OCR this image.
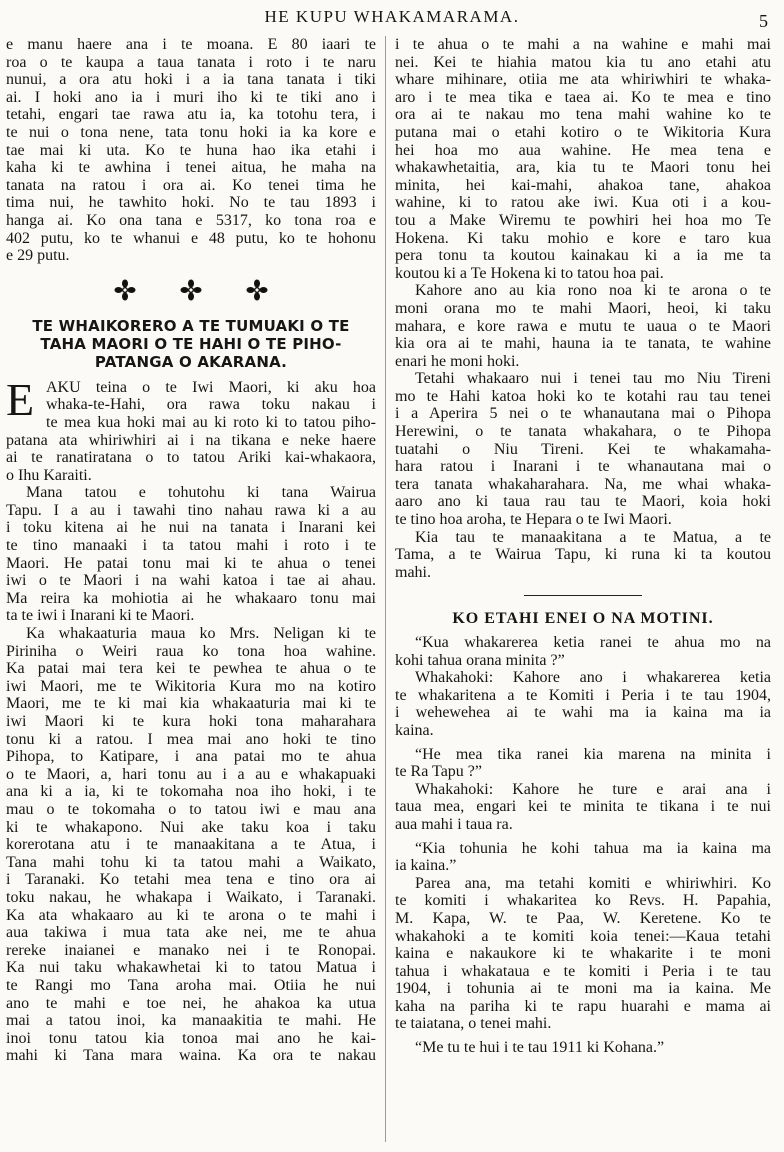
HE KUPU WHAKAMARAMA.	5
e manu haere ana i te moana. E 80 iaari te
roa o te kaupa a taua tanata i roto i te naru
nunui, a ora atu hoki i a ia tana tanata i tiki
ai. I hoki ano ia i muri iho ki te tiki ano i
tetahi, engari tae rawa atu ia, ka totohu tera, i
te nui o tona nene, tata tonu hoki ia ka kore e
tae mai ki uta. Ko te huna hao ika etahi i
kaha ki te awhina i tenei aitua, he maha na
tanata na ratou i ora ai. Ko tenei tima he
tima nui, he tawhito hoki. No te tau 1893 i
hanga ai. Ko ona tana e 5317, ko tona roa e
402 putu, ko te whanui e 48 putu, ko te hohonu
e 29 putu.
TE WHAIKORERO A TE TUMUAKI O TE
TAHA MAORI O TE HAHI O TE PIHO-
PATANGA O AKARANA.
E AKU teina o te Iwi Maori, ki aku hoa
whaka-te-Hahi, ora rawa toku nakau i
te mea kua hoki mai au ki roto ki to tatou piho-
patana ata whiriwhiri ai i na tikana e neke haere
ai te ranatiratana o to tatou Ariki kai-whakaora,
o Ihu Karaiti.
Mana tatou e tohutohu ki tana Wairua
Tapu. I a au i tawahi tino nahau rawa ki a au
i toku kitena ai he nui na tanata i Inarani kei
te tino manaaki i ta tatou mahi i roto i te
Maori. He patai tonu mai ki te ahua o tenei
iwi o te Maori i na wahi katoa i tae ai ahau.
Ma reira ka mohiotia ai he whakaaro tonu mai
ta te iwi i Inarani ki te Maori.
Ka whakaaturia maua ko Mrs. Neligan ki te
Piriniha o Weiri raua ko tona hoa wahine.
Ka patai mai tera kei te pewhea te ahua o te
iwi Maori, me te Wikitoria Kura mo na kotiro
Maori, me te ki mai kia whakaaturia mai ki te
iwi Maori ki te kura hoki tona maharahara
tonu ki a ratou. I mea mai ano hoki te tino
Pihopa, to Katipare, i ana patai mo te ahua
o te Maori, a, hari tonu au i a au e whakapuaki
ana ki a ia, ki te tokomaha noa iho hoki, i te
mau o te tokomaha o to tatou iwi e mau ana
ki te whakapono. Nui ake taku koa i taku
korerotana atu i te manaakitana a te Atua, i
Tana mahi tohu ki ta tatou mahi a Waikato,
i Taranaki. Ko tetahi mea tena e tino ora ai
toku nakau, he whakapa i Waikato, i Taranaki.
Ka ata whakaaro au ki te arona o te mahi i
aua takiwa i mua tata ake nei, me te ahua
rereke inaianei e manako nei i te Ronopai.
Ka nui taku whakawhetai ki to tatou Matua i
te Rangi mo Tana aroha mai. Otiia he nui
ano te mahi e toe nei, he ahakoa ka utua
mai a tatou inoi, ka manaakitia te mahi. He
inoi tonu tatou kia tonoa mai ano he kai-
mahi ki Tana mara waina. Ka ora te nakau
i te ahua o te mahi a na wahine e mahi mai
nei. Kei te hiahia matou kia tu ano etahi atu
whare mihinare, otiia me ata whiriwhiri te whaka-
aro i te mea tika e taea ai. Ko te mea e tino
ora ai te nakau mo tena mahi wahine ko te
putana mai o etahi kotiro o te Wikitoria Kura
hei hoa mo aua wahine. He mea tena e
whakawhetaitia, ara, kia tu te Maori tonu hei
minita, hei kai-mahi, ahakoa tane, ahakoa
wahine, ki to ratou ake iwi. Kua oti i a kou-
tou a Make Wiremu te powhiri hei hoa mo Te
Hokena. Ki taku mohio e kore e taro kua
pera tonu ta koutou kainakau ki a ia me ta
koutou ki a Te Hokena ki to tatou hoa pai.
Kahore ano au kia rono noa ki te arona o te
moni orana mo te mahi Maori, heoi, ki taku
mahara, e kore rawa e mutu te uaua o te Maori
kia ora ai te mahi, hauna ia te tanata, te wahine
enari he moni hoki.
Tetahi whakaaro nui i tenei tau mo Niu Tireni
mo te Hahi katoa hoki ko te kotahi rau tau tenei
i a Aperira 5 nei o te whanautana mai o Pihopa
Herewini, o te tanata whakahara, o te Pihopa
tuatahi o Niu Tireni. Kei te whakamaha-
hara ratou i Inarani i te whanautana mai o
tera tanata whakaharahara. Na, me whai whaka-
aaro ano ki taua rau tau te Maori, koia hoki
te tino hoa aroha, te Hepara o te Iwi Maori.
Kia tau te manaakitana a te Matua, a te
Tama, a te Wairua Tapu, ki runa ki ta koutou
mahi.
KO ETAHI ENEI O NA MOTINI.
“Kua whakarerea ketia ranei te ahua mo na
kohi tahua orana minita ?”
Whakahoki: Kahore ano i whakarerea ketia
te whakaritena a te Komiti i Peria i te tau 1904,
i wehewehea ai te wahi ma ia kaina ma ia
kaina.
“He mea tika ranei kia marena na minita i
te Ra Tapu ?”
Whakahoki: Kahore he ture e arai ana i
taua mea, engari kei te minita te tikana i te nui
aua mahi i taua ra.
“Kia tohunia he kohi tahua ma ia kaina ma
ia kaina.”
Parea ana, ma tetahi komiti e whiriwhiri. Ko
te komiti i whakaritea ko Revs. H. Papahia,
M. Kapa, W. te Paa, W. Keretene. Ko te
whakahoki a te komiti koia tenei:—Kaua tetahi
kaina e nakaukore ki te whakarite i te moni
tahua i whakataua e te komiti i Peria i te tau
1904, i tohunia ai te moni ma ia kaina. Me
kaha na pariha ki te rapu huarahi e mama ai
te taiatana, o tenei mahi.
“Me tu te hui i te tau 1911 ki Kohana.”
